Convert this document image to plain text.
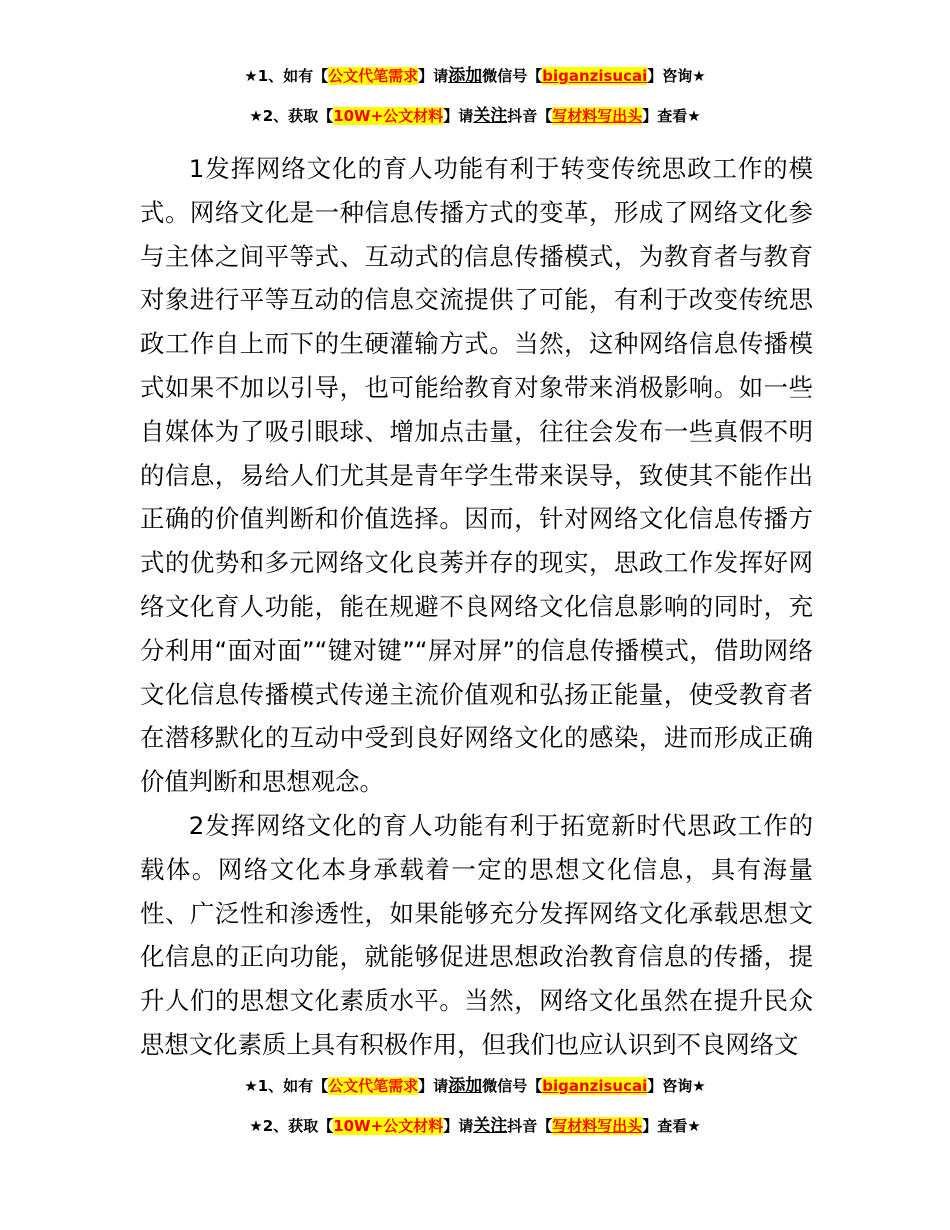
★1、如有【公文代笔需求】请添加微信号【biganzisucai】咨询★
★2、获取【10W+公文材料】请关注抖音【写材料写出头】查看★

1发挥网络文化的育人功能有利于转变传统思政工作的模式。网络文化是一种信息传播方式的变革，形成了网络文化参与主体之间平等式、互动式的信息传播模式，为教育者与教育对象进行平等互动的信息交流提供了可能，有利于改变传统思政工作自上而下的生硬灌输方式。当然，这种网络信息传播模式如果不加以引导，也可能给教育对象带来消极影响。如一些自媒体为了吸引眼球、增加点击量，往往会发布一些真假不明的信息，易给人们尤其是青年学生带来误导，致使其不能作出正确的价值判断和价值选择。因而，针对网络文化信息传播方式的优势和多元网络文化良莠并存的现实，思政工作发挥好网络文化育人功能，能在规避不良网络文化信息影响的同时，充分利用“面对面”“键对键”“屏对屏”的信息传播模式，借助网络文化信息传播模式传递主流价值观和弘扬正能量，使受教育者在潜移默化的互动中受到良好网络文化的感染，进而形成正确价值判断和思想观念。

2发挥网络文化的育人功能有利于拓宽新时代思政工作的载体。网络文化本身承载着一定的思想文化信息，具有海量性、广泛性和渗透性，如果能够充分发挥网络文化承载思想文化信息的正向功能，就能够促进思想政治教育信息的传播，提升人们的思想文化素质水平。当然，网络文化虽然在提升民众思想文化素质上具有积极作用，但我们也应认识到不良网络文

★1、如有【公文代笔需求】请添加微信号【biganzisucai】咨询★
★2、获取【10W+公文材料】请关注抖音【写材料写出头】查看★
